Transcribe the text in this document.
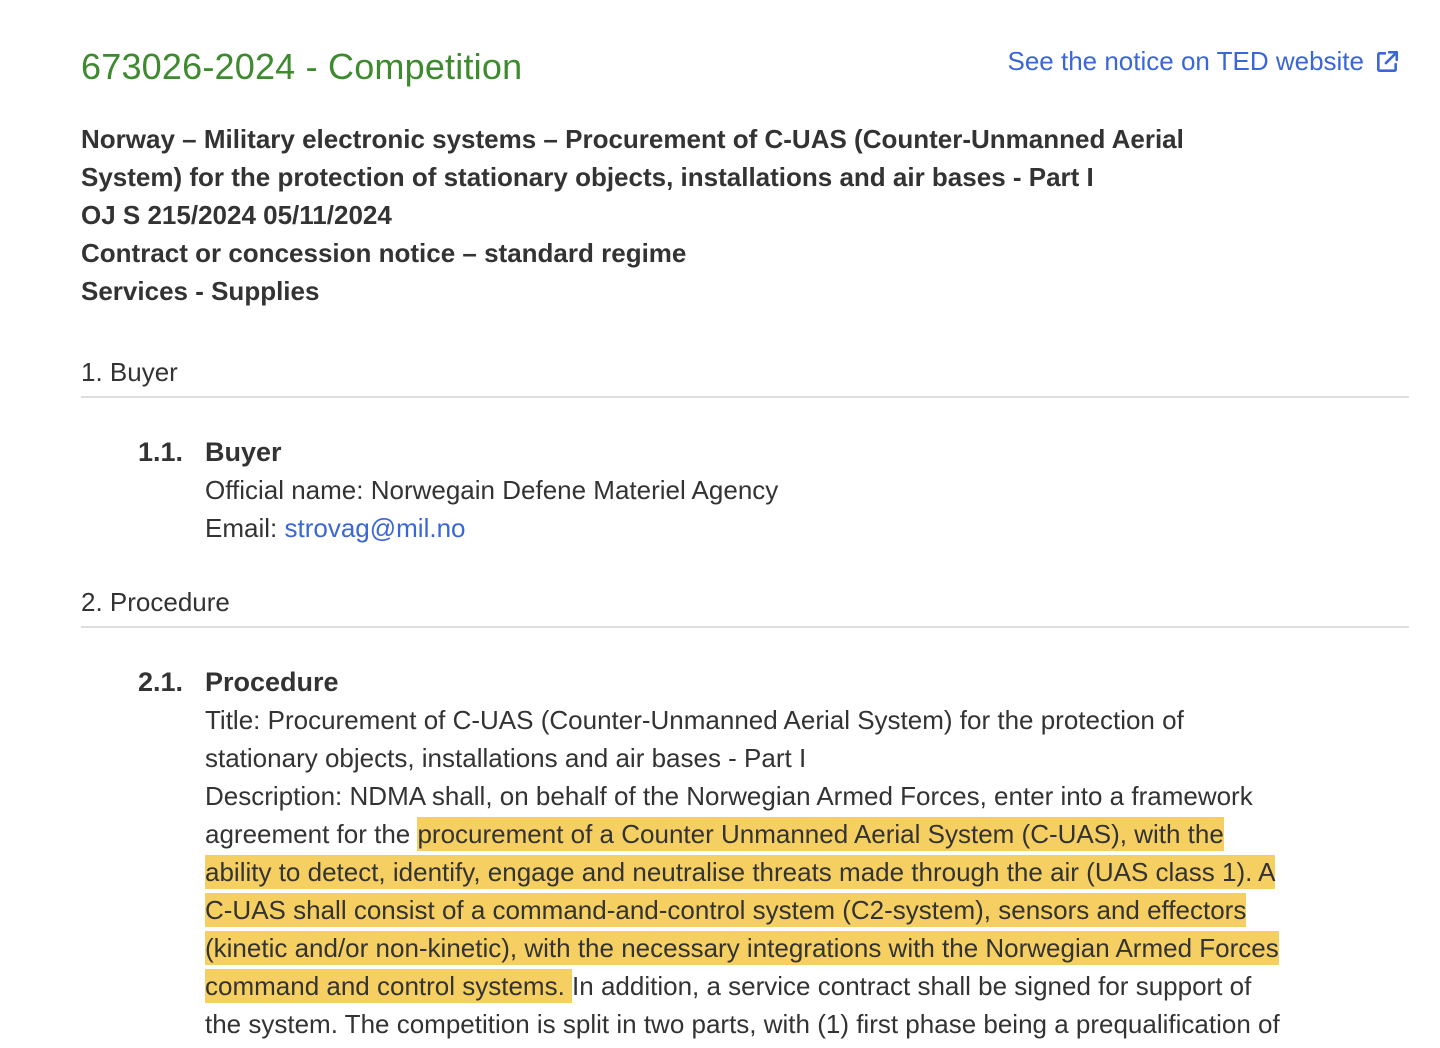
673026-2024 - Competition	See the notice on TED website
Norway – Military electronic systems – Procurement of C-UAS (Counter-Unmanned Aerial
System) for the protection of stationary objects, installations and air bases - Part I
OJ S 215/2024 05/11/2024
Contract or concession notice – standard regime
Services - Supplies
1. Buyer
1.1. Buyer
Official name: Norwegain Defene Materiel Agency
Email: strovag@mil.no
2. Procedure
2.1. Procedure
Title: Procurement of C-UAS (Counter-Unmanned Aerial System) for the protection of
stationary objects, installations and air bases - Part I
Description: NDMA shall, on behalf of the Norwegian Armed Forces, enter into a framework
agreement for the procurement of a Counter Unmanned Aerial System (C-UAS), with the
ability to detect, identify, engage and neutralise threats made through the air (UAS class 1). A
C-UAS shall consist of a command-and-control system (C2-system), sensors and effectors
(kinetic and/or non-kinetic), with the necessary integrations with the Norwegian Armed Forces
command and control systems. In addition, a service contract shall be signed for support of
the system. The competition is split in two parts, with (1) first phase being a prequalification of
